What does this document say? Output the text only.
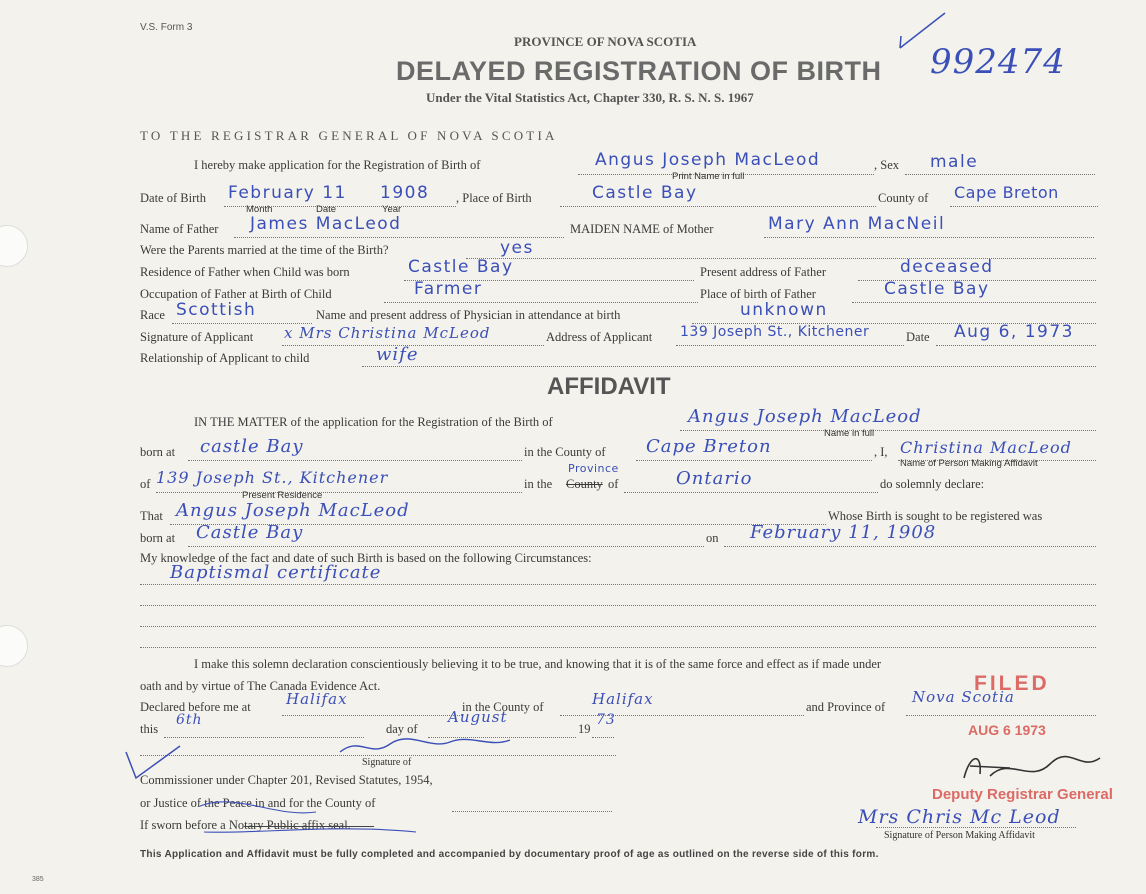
V.S. Form 3
PROVINCE OF NOVA SCOTIA
DELAYED REGISTRATION OF BIRTH
Under the Vital Statistics Act, Chapter 330, R. S. N. S. 1967
992474
TO THE REGISTRAR GENERAL OF NOVA SCOTIA
I hereby make application for the Registration of Birth of	Angus Joseph MacLeod
Print Name in full
, Sex male
Date of Birth February 11 1908
Month	Date	Year
, Place of Birth	Castle Bay	County of Cape Breton
Name of Father James MacLeod	MAIDEN NAME of Mother	Mary Ann MacNeil
Were the Parents married at the time of the Birth?	yes
Residence of Father when Child was born	Castle Bay	Present address of Father	deceased
Occupation of Father at Birth of Child	Farmer	Place of birth of Father	Castle Bay
Race Scottish	Name and present address of Physician in attendance at birth	unknown
Signature of Applicant x Mrs Christina McLeod	Address of Applicant 139 Joseph St., Kitchener	Date Aug 6, 1973
Relationship of Applicant to child	wife
AFFIDAVIT
IN THE MATTER of the application for the Registration of the Birth of	Angus Joseph MacLeod
Name in full
born at castle Bay	in the County of Cape Breton	, I, Christina MacLeod
Name of Person Making Affidavit
of 139 Joseph St., Kitchener
Present Residence
in the County
Province
of	Ontario	do solemnly declare:
That Angus Joseph MacLeod	Whose Birth is sought to be registered was
born at Castle Bay	on February 11, 1908
My knowledge of the fact and date of such Birth is based on the following Circumstances:
Baptismal certificate
I make this solemn declaration conscientiously believing it to be true, and knowing that it is of the same force and effect as if made under
oath and by virtue of The Canada Evidence Act.
Declared before me at Halifax	in the County of	Halifax	and Province of
Nova Scotia
this
6th
day of
August
19
73
Signature of
Commissioner under Chapter 201, Revised Statutes, 1954,
or Justice of the Peace in and for the County of
If sworn before a Notary Public affix seal.
FILED
AUG 6 1973
Deputy Registrar General
Mrs Chris Mc Leod
Signature of Person Making Affidavit
This Application and Affidavit must be fully completed and accompanied by documentary proof of age as outlined on the reverse side of this form.
385
